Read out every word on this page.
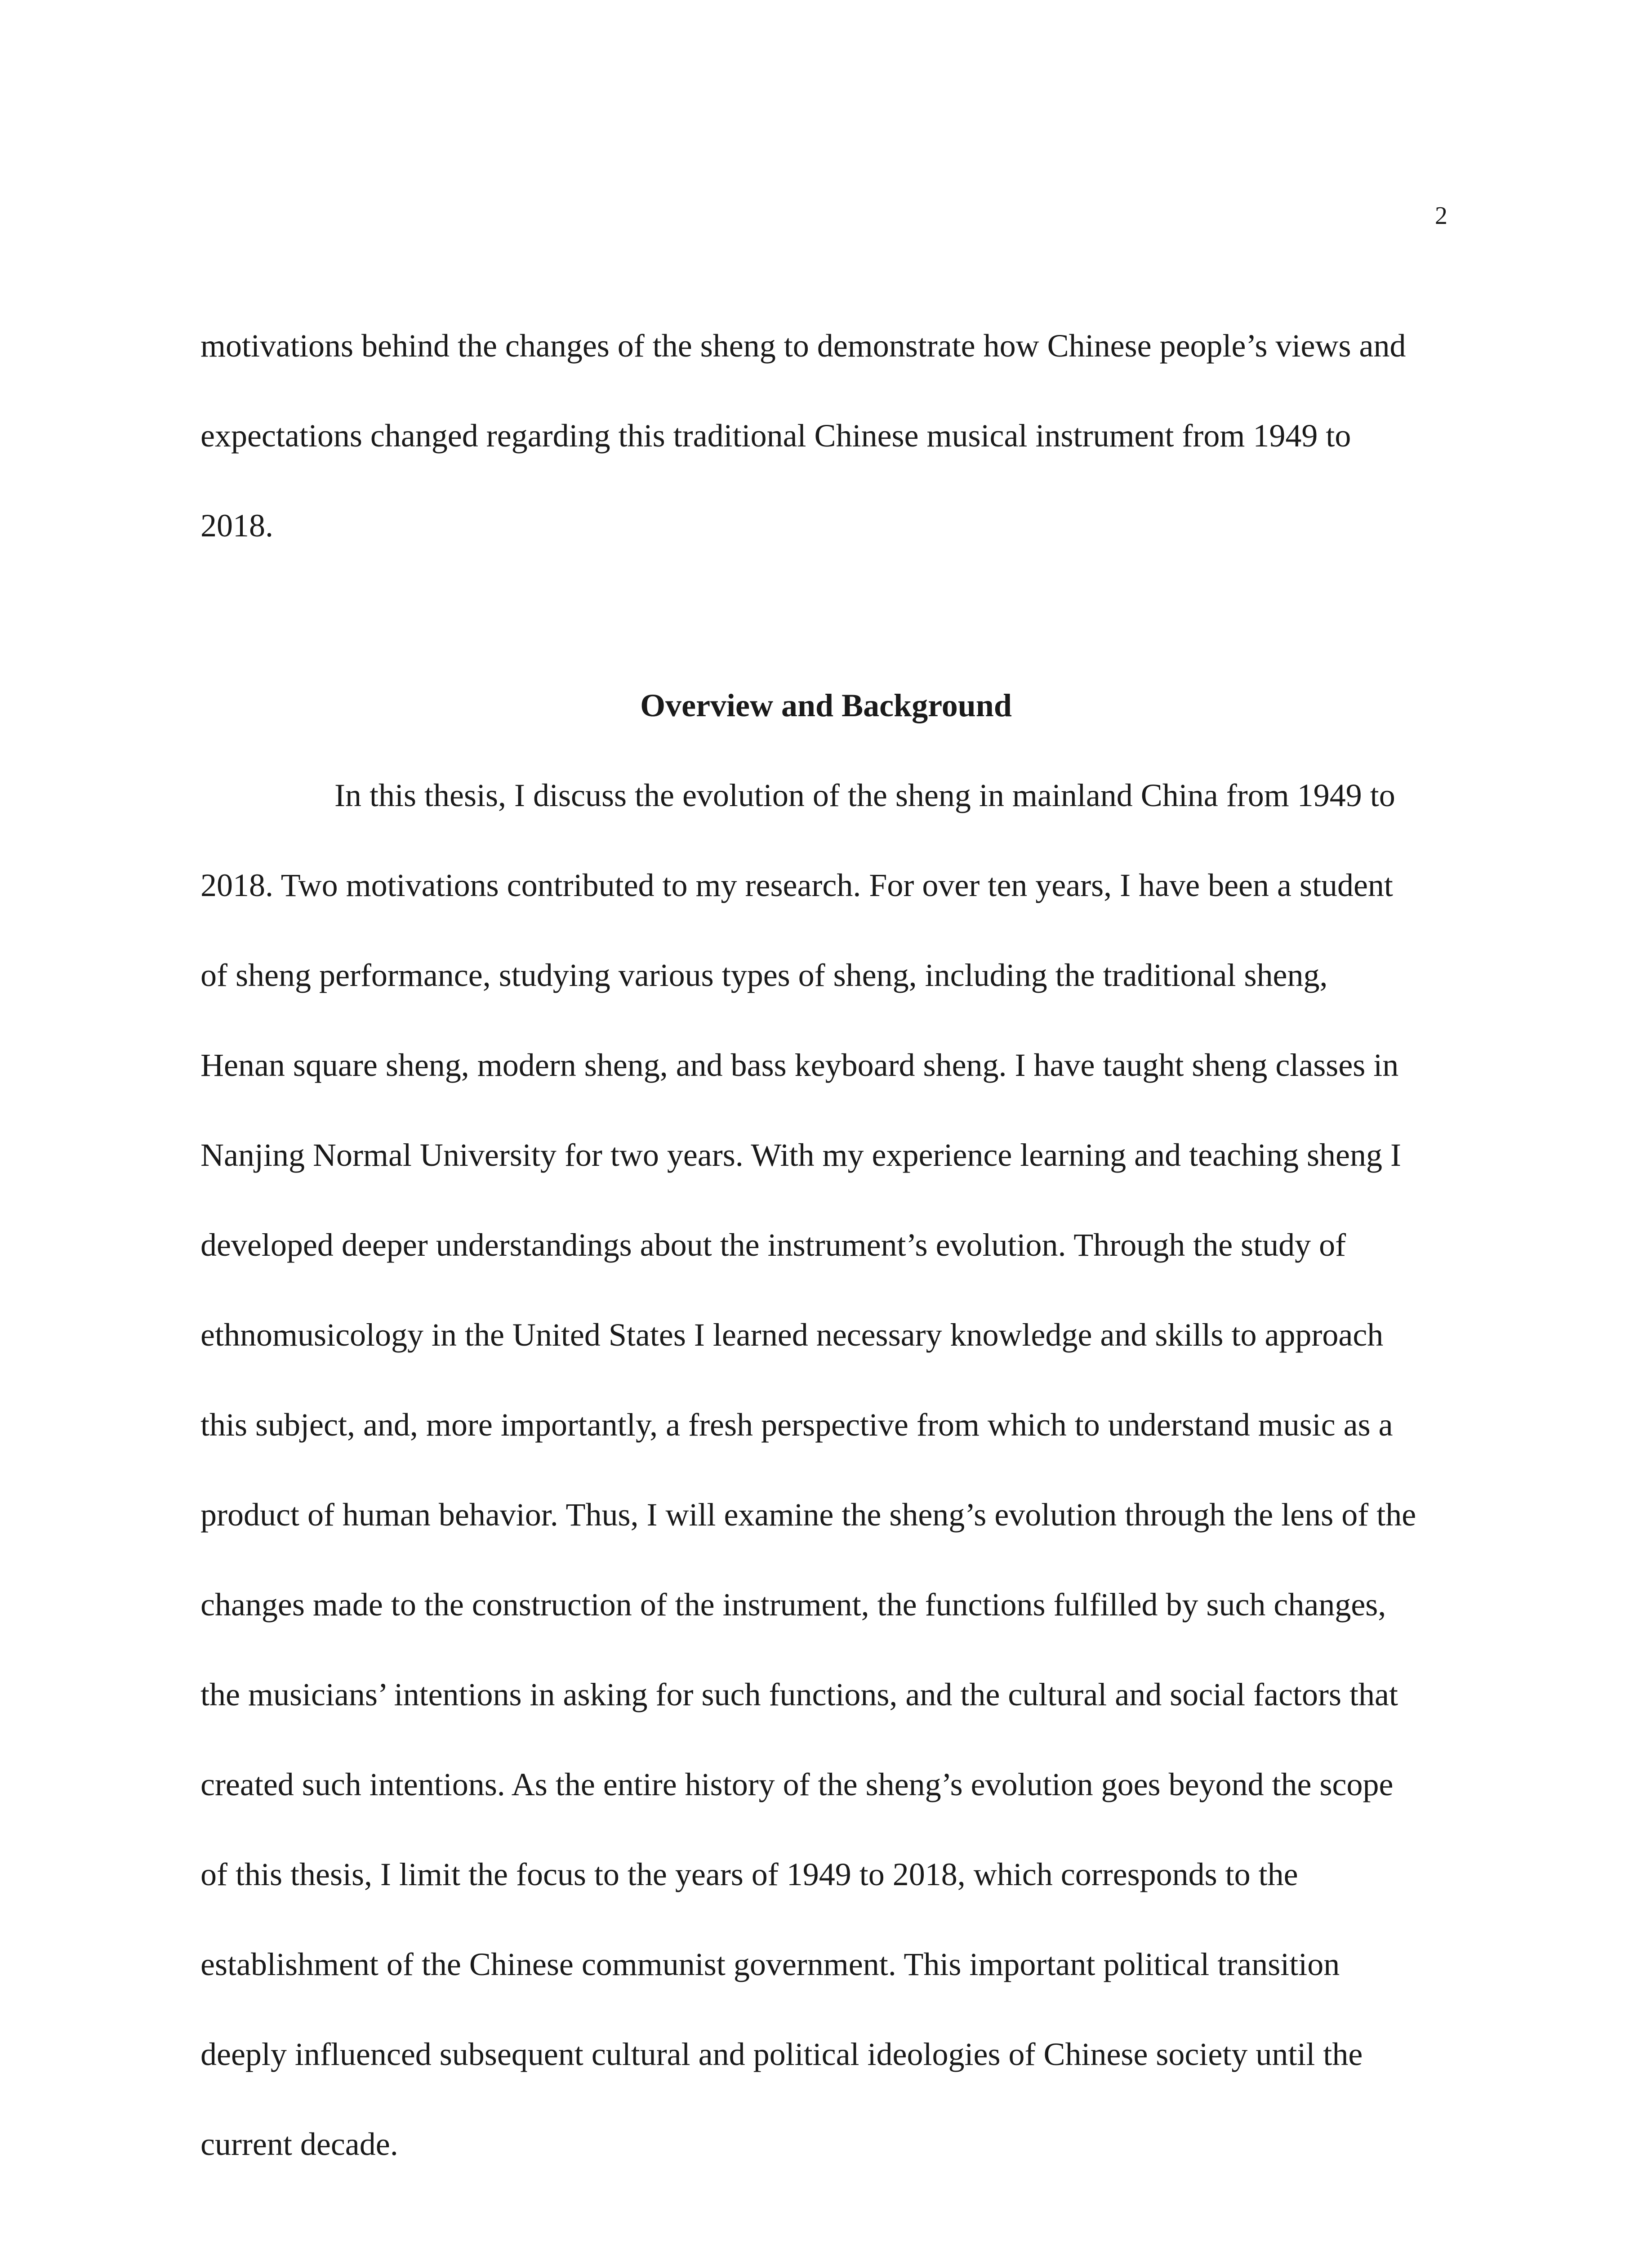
2
motivations behind the changes of the sheng to demonstrate how Chinese people’s views and
expectations changed regarding this traditional Chinese musical instrument from 1949 to
2018.
Overview and Background
In this thesis, I discuss the evolution of the sheng in mainland China from 1949 to
2018. Two motivations contributed to my research. For over ten years, I have been a student
of sheng performance, studying various types of sheng, including the traditional sheng,
Henan square sheng, modern sheng, and bass keyboard sheng. I have taught sheng classes in
Nanjing Normal University for two years. With my experience learning and teaching sheng I
developed deeper understandings about the instrument’s evolution. Through the study of
ethnomusicology in the United States I learned necessary knowledge and skills to approach
this subject, and, more importantly, a fresh perspective from which to understand music as a
product of human behavior. Thus, I will examine the sheng’s evolution through the lens of the
changes made to the construction of the instrument, the functions fulfilled by such changes,
the musicians’ intentions in asking for such functions, and the cultural and social factors that
created such intentions. As the entire history of the sheng’s evolution goes beyond the scope
of this thesis, I limit the focus to the years of 1949 to 2018, which corresponds to the
establishment of the Chinese communist government. This important political transition
deeply influenced subsequent cultural and political ideologies of Chinese society until the
current decade.
